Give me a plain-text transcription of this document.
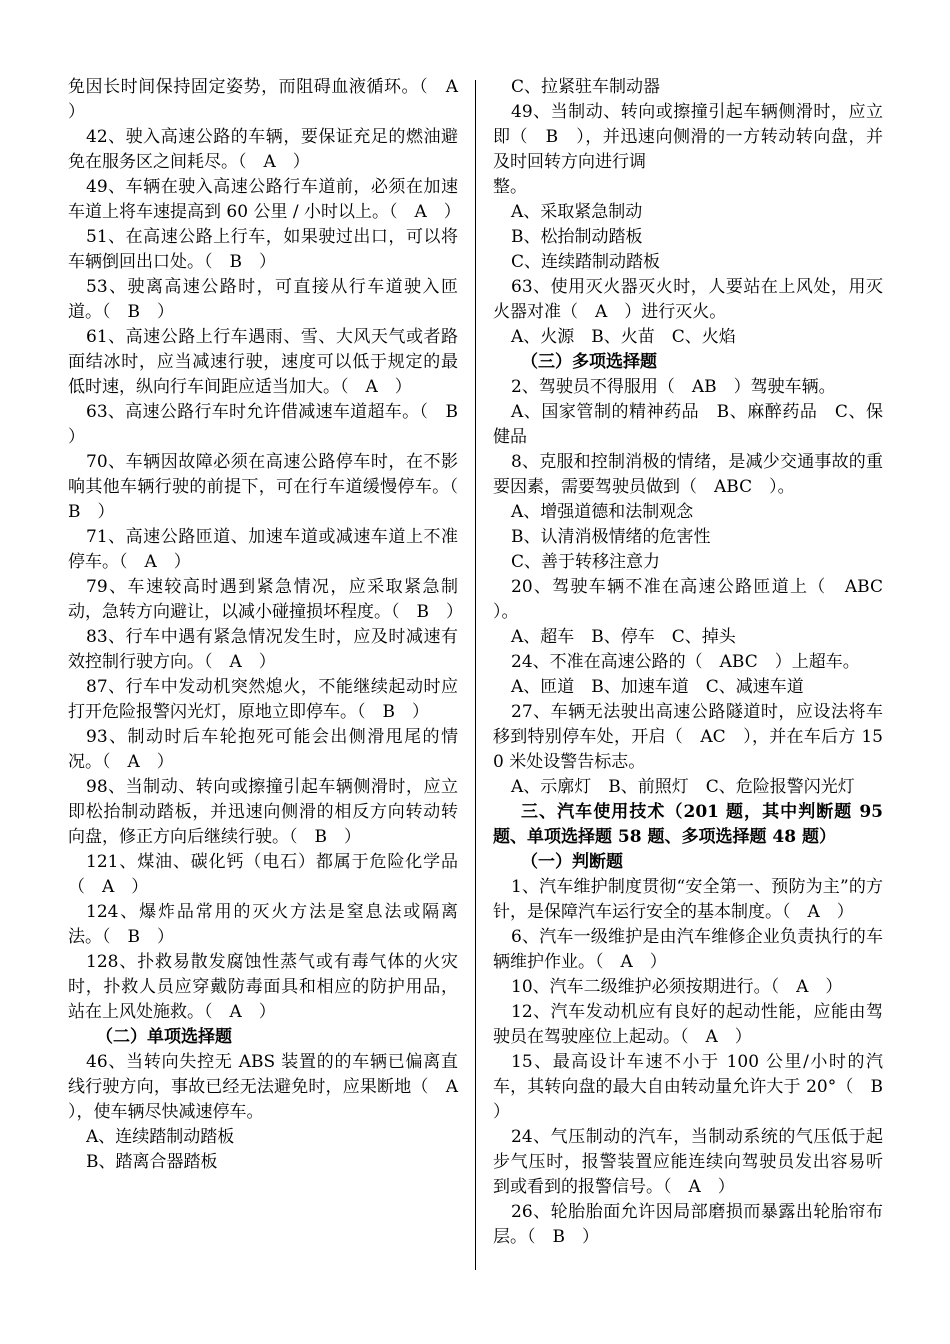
免因长时间保持固定姿势，而阻碍血液循环。（　A　）

42、驶入高速公路的车辆，要保证充足的燃油避免在服务区之间耗尽。（　A　）

49、车辆在驶入高速公路行车道前，必须在加速车道上将车速提高到 60 公里 / 小时以上。（　A　）

51、在高速公路上行车，如果驶过出口，可以将车辆倒回出口处。（　B　）

53、驶离高速公路时，可直接从行车道驶入匝道。（　B　）

61、高速公路上行车遇雨、雪、大风天气或者路面结冰时，应当减速行驶，速度可以低于规定的最低时速，纵向行车间距应适当加大。（　A　）

63、高速公路行车时允许借减速车道超车。（　B　）

70、车辆因故障必须在高速公路停车时，在不影响其他车辆行驶的前提下，可在行车道缓慢停车。（　B　）

71、高速公路匝道、加速车道或减速车道上不准停车。（　A　）

79、车速较高时遇到紧急情况，应采取紧急制动，急转方向避让，以减小碰撞损坏程度。（　B　）

83、行车中遇有紧急情况发生时，应及时减速有效控制行驶方向。（　A　）

87、行车中发动机突然熄火，不能继续起动时应打开危险报警闪光灯，原地立即停车。（　B　）

93、制动时后车轮抱死可能会出侧滑甩尾的情况。（　A　）

98、当制动、转向或擦撞引起车辆侧滑时，应立即松抬制动踏板，并迅速向侧滑的相反方向转动转向盘，修正方向后继续行驶。（　B　）

121、煤油、碳化钙（电石）都属于危险化学品（　A　）

124、爆炸品常用的灭火方法是窒息法或隔离法。（　B　）

128、扑救易散发腐蚀性蒸气或有毒气体的火灾时，扑救人员应穿戴防毒面具和相应的防护用品，站在上风处施救。（　A　）

（二）单项选择题

46、当转向失控无 ABS 装置的的车辆已偏离直线行驶方向，事故已经无法避免时，应果断地（　A　），使车辆尽快减速停车。

A、连续踏制动踏板

B、踏离合器踏板

C、拉紧驻车制动器

49、当制动、转向或擦撞引起车辆侧滑时，应立即（　B　），并迅速向侧滑的一方转动转向盘，并及时回转方向进行调

整。

A、采取紧急制动

B、松抬制动踏板

C、连续踏制动踏板

63、使用灭火器灭火时，人要站在上风处，用灭火器对准（　A　）进行灭火。

A、火源　B、火苗　C、火焰

（三）多项选择题

2、驾驶员不得服用（　AB　）驾驶车辆。

A、国家管制的精神药品　B、麻醉药品　C、保健品

8、克服和控制消极的情绪，是减少交通事故的重要因素，需要驾驶员做到（　ABC　）。

A、增强道德和法制观念

B、认清消极情绪的危害性

C、善于转移注意力

20、驾驶车辆不准在高速公路匝道上（　ABC　）。

A、超车　B、停车　C、掉头

24、不准在高速公路的（　ABC　）上超车。

A、匝道　B、加速车道　C、减速车道

27、车辆无法驶出高速公路隧道时，应设法将车移到特别停车处，开启（　AC　），并在车后方 150 米处设警告标志。

A、示廓灯　B、前照灯　C、危险报警闪光灯

三、汽车使用技术（201 题，其中判断题 95 题、单项选择题 58 题、多项选择题 48 题）

（一）判断题

1、汽车维护制度贯彻“安全第一、预防为主”的方针，是保障汽车运行安全的基本制度。（　A　）

6、汽车一级维护是由汽车维修企业负责执行的车辆维护作业。（　A　）

10、汽车二级维护必须按期进行。（　A　）

12、汽车发动机应有良好的起动性能，应能由驾驶员在驾驶座位上起动。（　A　）

15、最高设计车速不小于 100 公里/小时的汽车，其转向盘的最大自由转动量允许大于 20°（　B　）

24、气压制动的汽车，当制动系统的气压低于起步气压时，报警装置应能连续向驾驶员发出容易听到或看到的报警信号。（　A　）

26、轮胎胎面允许因局部磨损而暴露出轮胎帘布层。（　B　）
